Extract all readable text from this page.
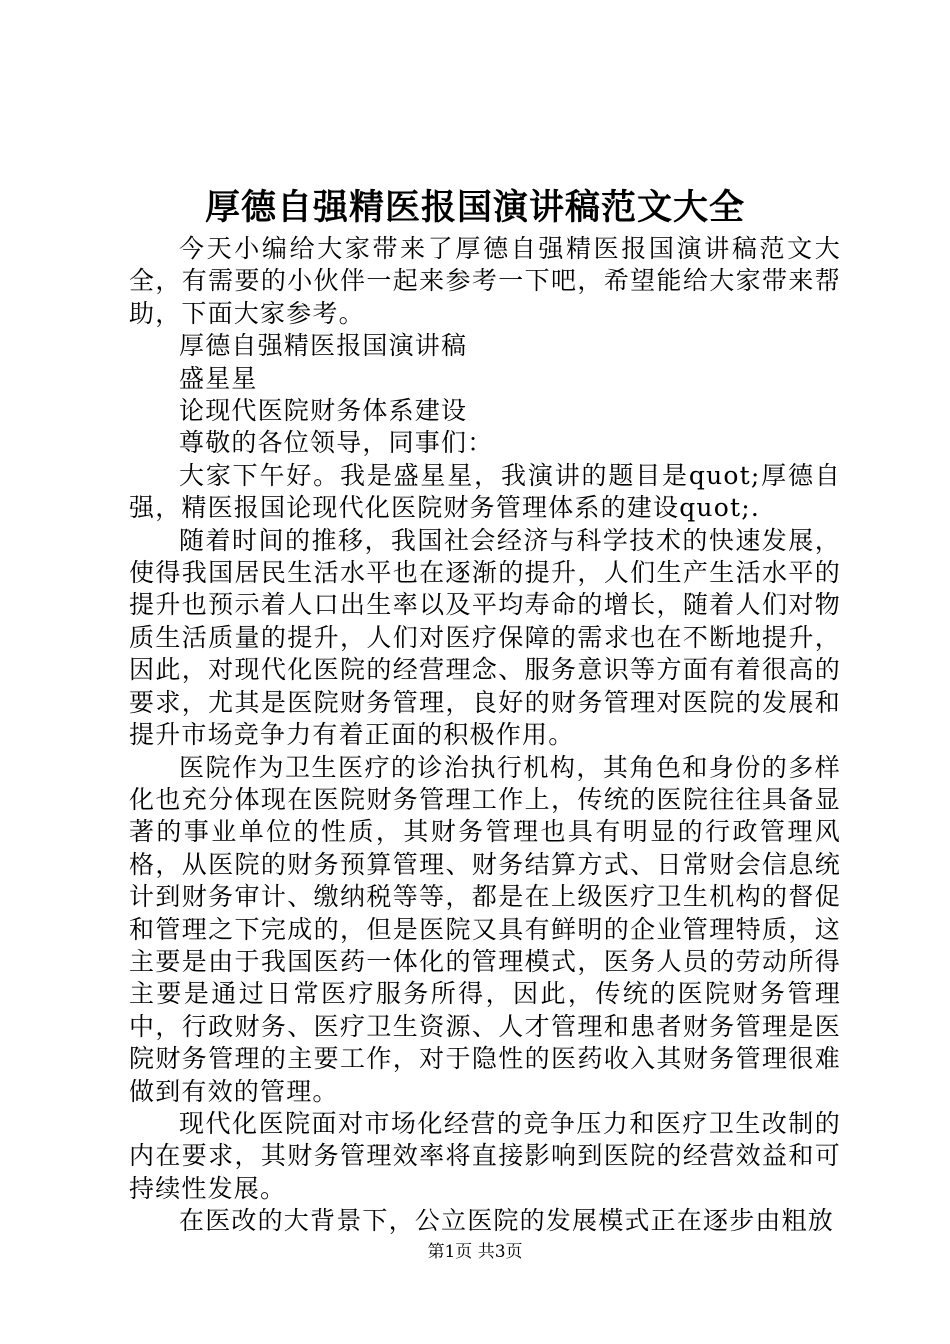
厚德自强精医报国演讲稿范文大全

今天小编给大家带来了厚德自强精医报国演讲稿范文大全，有需要的小伙伴一起来参考一下吧，希望能给大家带来帮助，下面大家参考。

厚德自强精医报国演讲稿

盛星星

论现代医院财务体系建设

尊敬的各位领导，同事们：

大家下午好。我是盛星星，我演讲的题目是quot;厚德自强，精医报国论现代化医院财务管理体系的建设quot;.

随着时间的推移，我国社会经济与科学技术的快速发展，使得我国居民生活水平也在逐渐的提升，人们生产生活水平的提升也预示着人口出生率以及平均寿命的增长，随着人们对物质生活质量的提升，人们对医疗保障的需求也在不断地提升，因此，对现代化医院的经营理念、服务意识等方面有着很高的要求，尤其是医院财务管理，良好的财务管理对医院的发展和提升市场竞争力有着正面的积极作用。

医院作为卫生医疗的诊治执行机构，其角色和身份的多样化也充分体现在医院财务管理工作上，传统的医院往往具备显著的事业单位的性质，其财务管理也具有明显的行政管理风格，从医院的财务预算管理、财务结算方式、日常财会信息统计到财务审计、缴纳税等等，都是在上级医疗卫生机构的督促和管理之下完成的，但是医院又具有鲜明的企业管理特质，这主要是由于我国医药一体化的管理模式，医务人员的劳动所得主要是通过日常医疗服务所得，因此，传统的医院财务管理中，行政财务、医疗卫生资源、人才管理和患者财务管理是医院财务管理的主要工作，对于隐性的医药收入其财务管理很难做到有效的管理。

现代化医院面对市场化经营的竞争压力和医疗卫生改制的内在要求，其财务管理效率将直接影响到医院的经营效益和可持续性发展。

在医改的大背景下，公立医院的发展模式正在逐步由粗放

第1页 共3页
